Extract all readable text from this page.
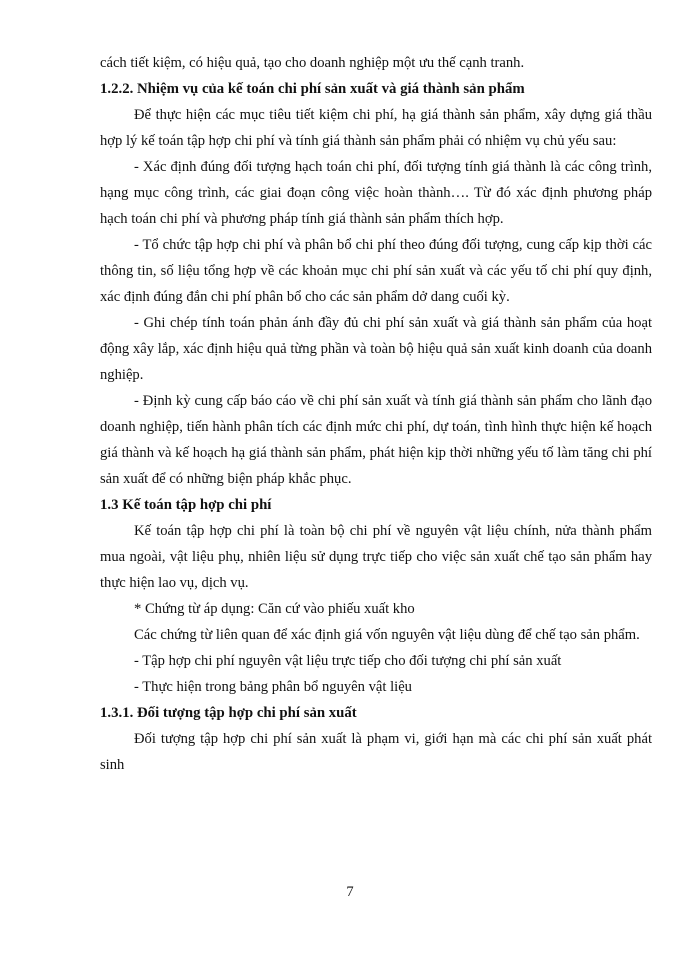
cách tiết kiệm, có hiệu quả, tạo cho doanh nghiệp một ưu thế cạnh tranh.

1.2.2. Nhiệm vụ của kế toán chi phí sản xuất và giá thành sản phẩm

Để thực hiện các mục tiêu tiết kiệm chi phí, hạ giá thành sản phẩm, xây dựng giá thầu hợp lý kế toán tập hợp chi phí và tính giá thành sản phẩm phải có nhiệm vụ chủ yếu sau:

- Xác định đúng đối tượng hạch toán chi phí, đối tượng tính giá thành là các công trình, hạng mục công trình, các giai đoạn công việc hoàn thành…. Từ đó xác định phương pháp hạch toán chi phí và phương pháp tính giá thành sản phẩm thích hợp.

- Tổ chức tập hợp chi phí và phân bổ chi phí theo đúng đối tượng, cung cấp kịp thời các thông tin, số liệu tổng hợp về các khoản mục chi phí sản xuất và các yếu tố chi phí quy định, xác định đúng đắn chi phí phân bổ cho các sản phẩm dở dang cuối kỳ.

- Ghi chép tính toán phản ánh đầy đủ chi phí sản xuất và giá thành sản phẩm của hoạt động xây lắp, xác định hiệu quả từng phần và toàn bộ hiệu quả sản xuất kinh doanh của doanh nghiệp.

- Định kỳ cung cấp báo cáo về chi phí sản xuất và tính giá thành sản phẩm cho lãnh đạo doanh nghiệp, tiến hành phân tích các định mức chi phí, dự toán, tình hình thực hiện kế hoạch giá thành và kế hoạch hạ giá thành sản phẩm, phát hiện kịp thời những yếu tố làm tăng chi phí sản xuất để có những biện pháp khắc phục.

1.3 Kế toán tập hợp chi phí

Kế toán tập hợp chi phí là toàn bộ chi phí về nguyên vật liệu chính, nửa thành phẩm mua ngoài, vật liệu phụ, nhiên liệu sử dụng trực tiếp cho việc sản xuất chế tạo sản phẩm hay thực hiện lao vụ, dịch vụ.

* Chứng từ áp dụng: Căn cứ vào phiếu xuất kho

Các chứng từ liên quan để xác định giá vốn nguyên vật liệu dùng để chế tạo sản phẩm.

- Tập hợp chi phí nguyên vật liệu trực tiếp cho đối tượng chi phí sản xuất

- Thực hiện trong bảng phân bổ nguyên vật liệu

1.3.1. Đối tượng tập hợp chi phí sản xuất

Đối tượng tập hợp chi phí sản xuất là phạm vi, giới hạn mà các chi phí sản xuất phát sinh

7
